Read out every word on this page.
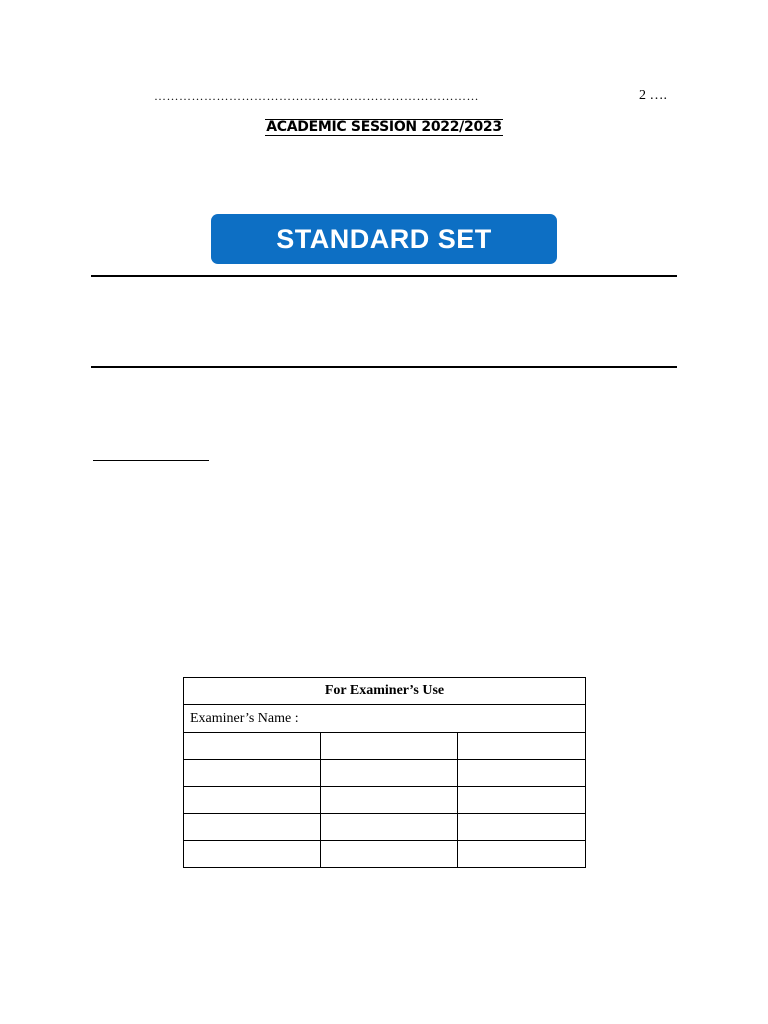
……………………………………………………………………	2 ….
ACADEMIC SESSION 2022/2023
STANDARD SET
For Examiner’s Use		
Examiner’s Name :		
